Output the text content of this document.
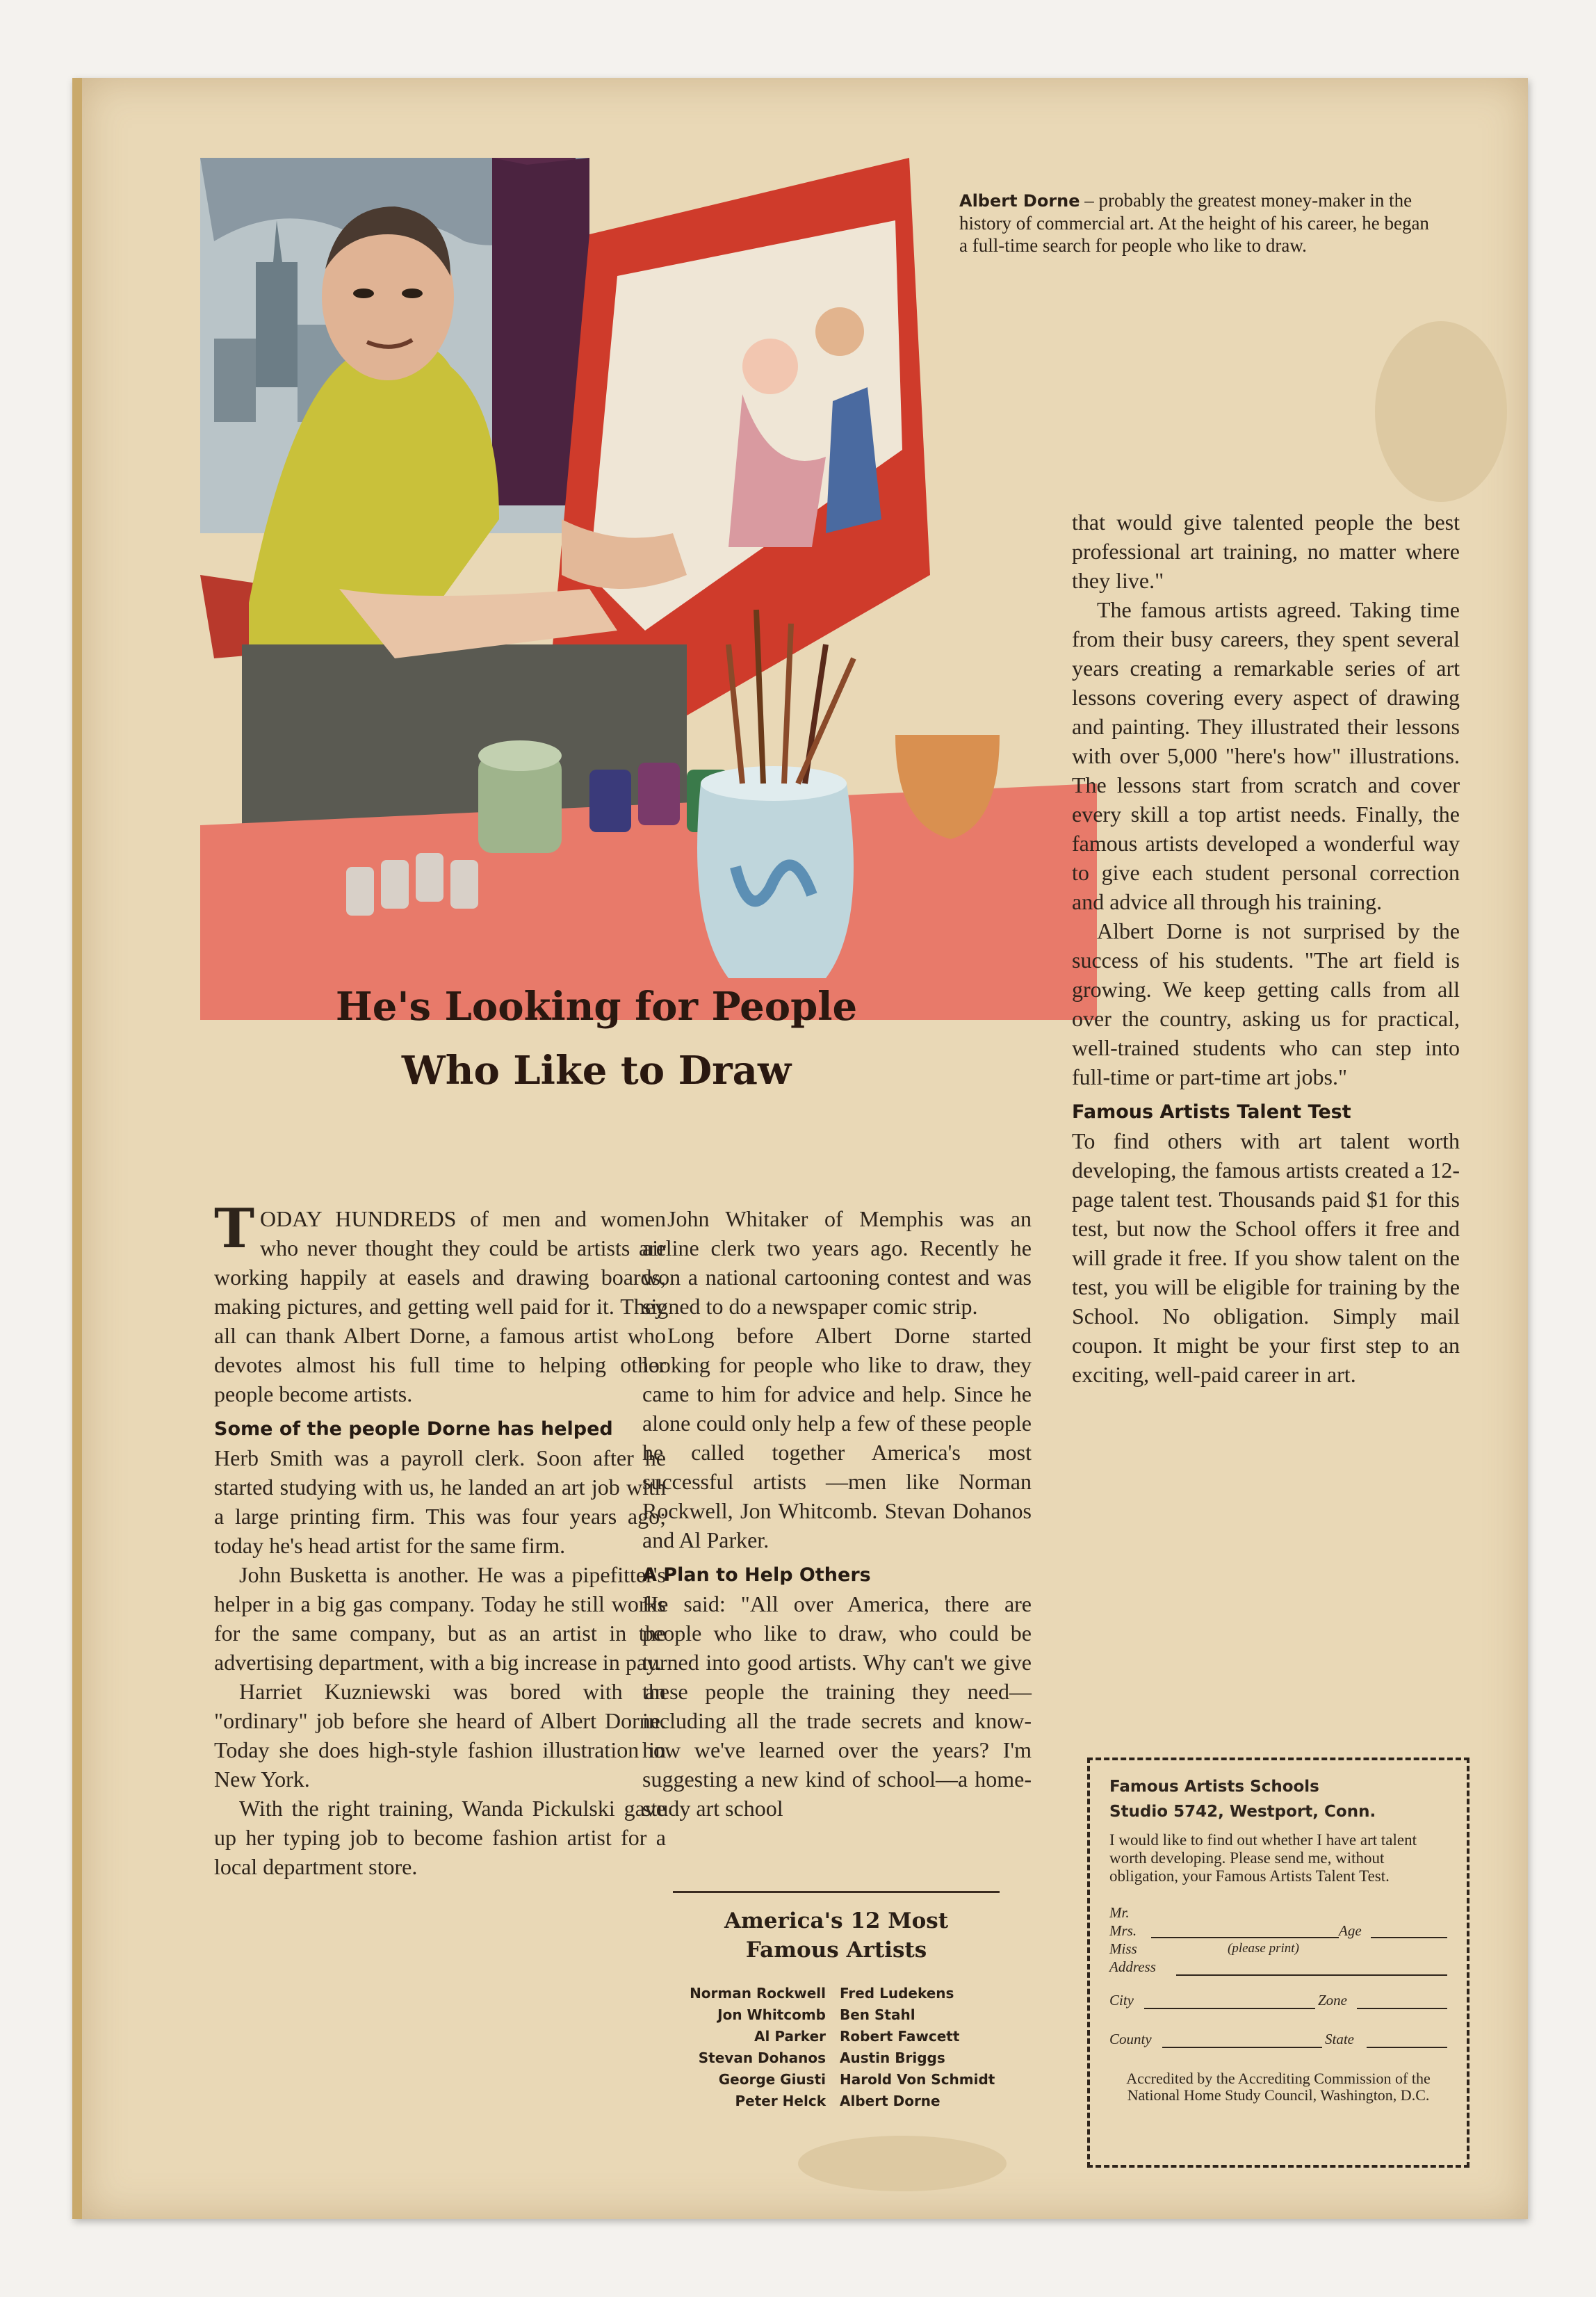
Albert Dorne – probably the greatest money-maker in the history of commercial art. At the height of his career, he began a full-time search for people who like to draw.
He's Looking for People
Who Like to Draw

TODAY HUNDREDS of men and women who never thought they could be artists are working happily at easels and drawing boards, making pictures, and getting well paid for it. They all can thank Albert Dorne, a famous artist who devotes almost his full time to helping other people become artists.

Some of the people Dorne has helped

Herb Smith was a payroll clerk. Soon after he started studying with us, he landed an art job with a large printing firm. This was four years ago; today he's head artist for the same firm.

John Busketta is another. He was a pipefitter's helper in a big gas company. Today he still works for the same company, but as an artist in the advertising department, with a big increase in pay.

Harriet Kuzniewski was bored with an "ordinary" job before she heard of Albert Dorne. Today she does high-style fashion illustration in New York.

With the right training, Wanda Pickulski gave up her typing job to become fashion artist for a local department store.

John Whitaker of Memphis was an airline clerk two years ago. Recently he won a national cartooning contest and was signed to do a newspaper comic strip.

Long before Albert Dorne started looking for people who like to draw, they came to him for advice and help. Since he alone could only help a few of these people he called together America's most successful artists —men like Norman Rockwell, Jon Whitcomb. Stevan Dohanos and Al Parker.

A Plan to Help Others

He said: "All over America, there are people who like to draw, who could be turned into good artists. Why can't we give these people the training they need—including all the trade secrets and know-how we've learned over the years? I'm suggesting a new kind of school—a home-study art school

that would give talented people the best professional art training, no matter where they live."

The famous artists agreed. Taking time from their busy careers, they spent several years creating a remarkable series of art lessons covering every aspect of drawing and painting. They illustrated their lessons with over 5,000 "here's how" illustrations. The lessons start from scratch and cover every skill a top artist needs. Finally, the famous artists developed a wonderful way to give each student personal correction and advice all through his training.

Albert Dorne is not surprised by the success of his students. "The art field is growing. We keep getting calls from all over the country, asking us for practical, well-trained students who can step into full-time or part-time art jobs."

Famous Artists Talent Test

To find others with art talent worth developing, the famous artists created a 12-page talent test. Thousands paid $1 for this test, but now the School offers it free and will grade it free. If you show talent on the test, you will be eligible for training by the School. No obligation. Simply mail coupon. It might be your first step to an exciting, well-paid career in art.

America's 12 Most Famous Artists
Norman Rockwell
Jon Whitcomb
Al Parker
Stevan Dohanos
George Giusti
Peter Helck
Fred Ludekens
Ben Stahl
Robert Fawcett
Austin Briggs
Harold Von Schmidt
Albert Dorne
Famous Artists Schools
Studio 5742, Westport, Conn.
I would like to find out whether I have art talent worth developing. Please send me, without obligation, your Famous Artists Talent Test.
Mr.
Mrs.
Miss
Age
(please print)
Address
City	Zone
County	State
Accredited by the Accrediting Commission of the National Home Study Council, Washington, D.C.
